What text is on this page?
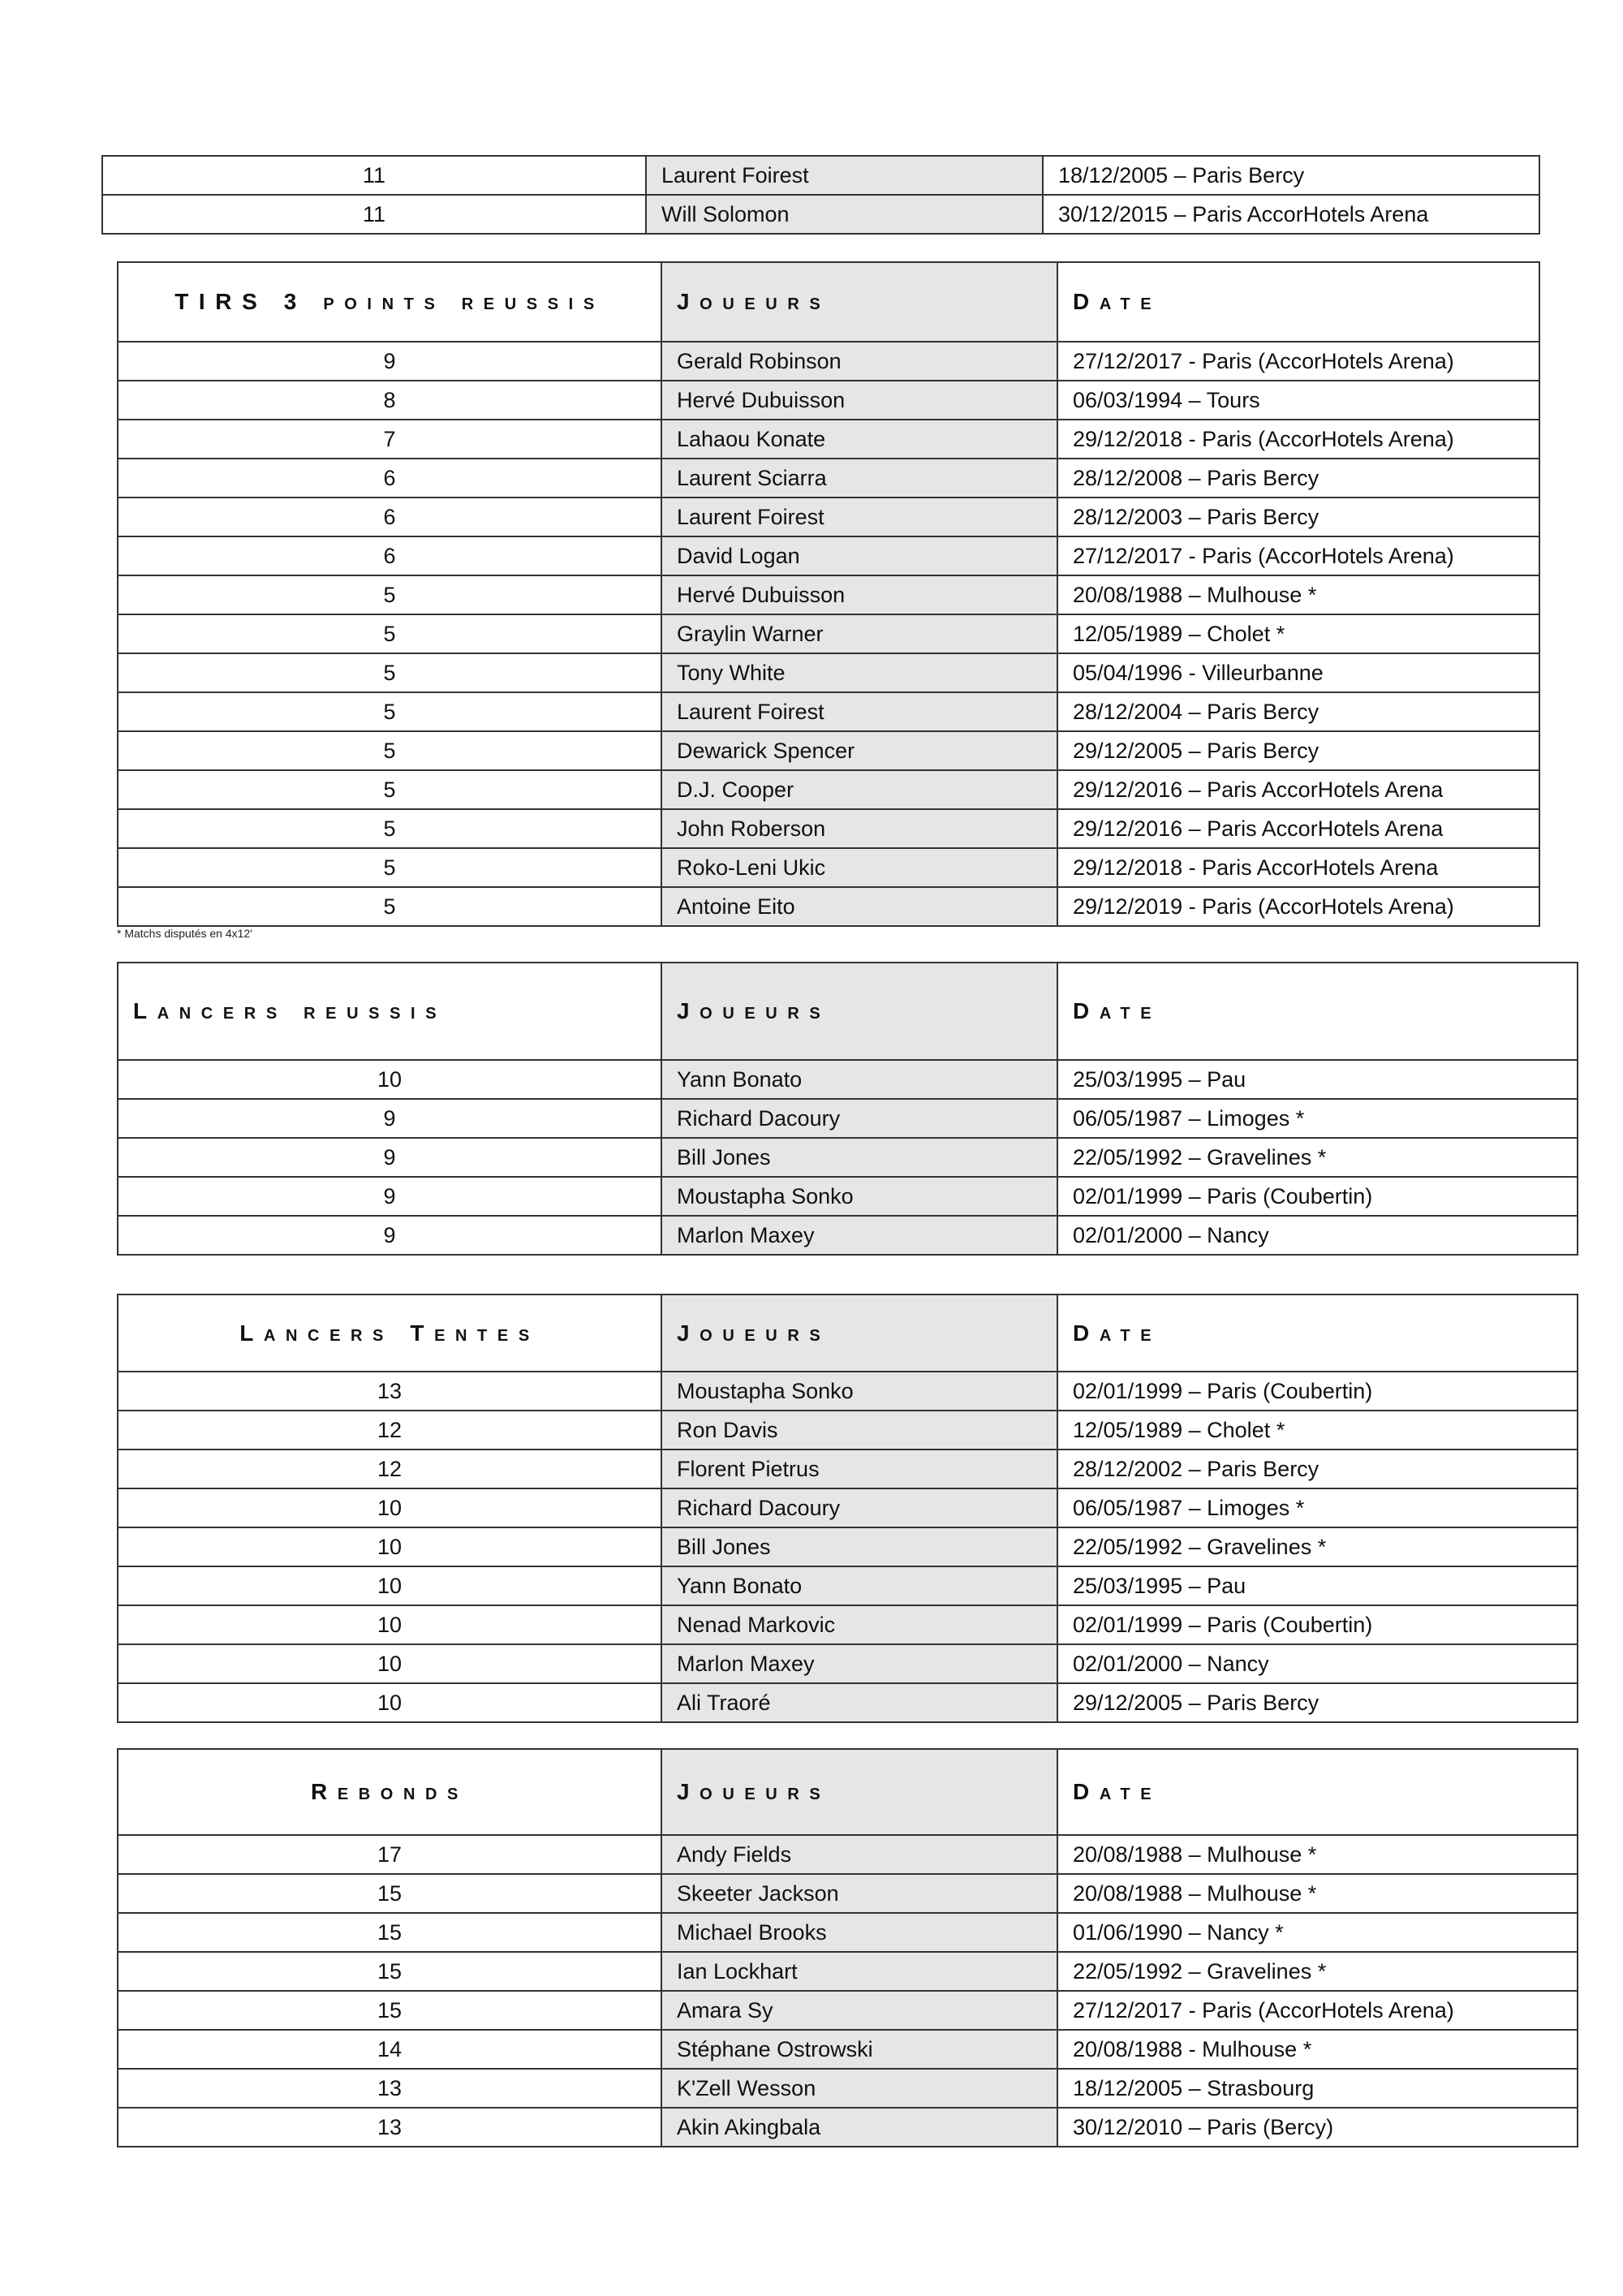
11	Laurent Foirest	18/12/2005 – Paris Bercy
11	Will Solomon	30/12/2015 – Paris AccorHotels Arena
TIRS 3 points reussis	Joueurs	Date
9	Gerald Robinson	27/12/2017 - Paris (AccorHotels Arena)
8	Hervé Dubuisson	06/03/1994 – Tours
7	Lahaou Konate	29/12/2018 - Paris (AccorHotels Arena)
6	Laurent Sciarra	28/12/2008 – Paris Bercy
6	Laurent Foirest	28/12/2003 – Paris Bercy
6	David Logan	27/12/2017 - Paris (AccorHotels Arena)
5	Hervé Dubuisson	20/08/1988 – Mulhouse *
5	Graylin Warner	12/05/1989 – Cholet *
5	Tony White	05/04/1996 - Villeurbanne
5	Laurent Foirest	28/12/2004 – Paris Bercy
5	Dewarick Spencer	29/12/2005 – Paris Bercy
5	D.J. Cooper	29/12/2016 – Paris AccorHotels Arena
5	John Roberson	29/12/2016 – Paris AccorHotels Arena
5	Roko-Leni Ukic	29/12/2018 - Paris AccorHotels Arena
5	Antoine Eito	29/12/2019 - Paris (AccorHotels Arena)
Lancers reussis	Joueurs	Date
10	Yann Bonato	25/03/1995 – Pau
9	Richard Dacoury	06/05/1987 – Limoges *
9	Bill Jones	22/05/1992 – Gravelines *
9	Moustapha Sonko	02/01/1999 – Paris (Coubertin)
9	Marlon Maxey	02/01/2000 – Nancy
Lancers Tentes	Joueurs	Date
13	Moustapha Sonko	02/01/1999 – Paris (Coubertin)
12	Ron Davis	12/05/1989 – Cholet *
12	Florent Pietrus	28/12/2002 – Paris Bercy
10	Richard Dacoury	06/05/1987 – Limoges *
10	Bill Jones	22/05/1992 – Gravelines *
10	Yann Bonato	25/03/1995 – Pau
10	Nenad Markovic	02/01/1999 – Paris (Coubertin)
10	Marlon Maxey	02/01/2000 – Nancy
10	Ali Traoré	29/12/2005 – Paris Bercy
Rebonds	Joueurs	Date
17	Andy Fields	20/08/1988 – Mulhouse *
15	Skeeter Jackson	20/08/1988 – Mulhouse *
15	Michael Brooks	01/06/1990 – Nancy *
15	Ian Lockhart	22/05/1992 – Gravelines *
15	Amara Sy	27/12/2017 - Paris (AccorHotels Arena)
14	Stéphane Ostrowski	20/08/1988 - Mulhouse *
13	K'Zell Wesson	18/12/2005 – Strasbourg
13	Akin Akingbala	30/12/2010 – Paris (Bercy)
* Matchs disputés en 4x12'
